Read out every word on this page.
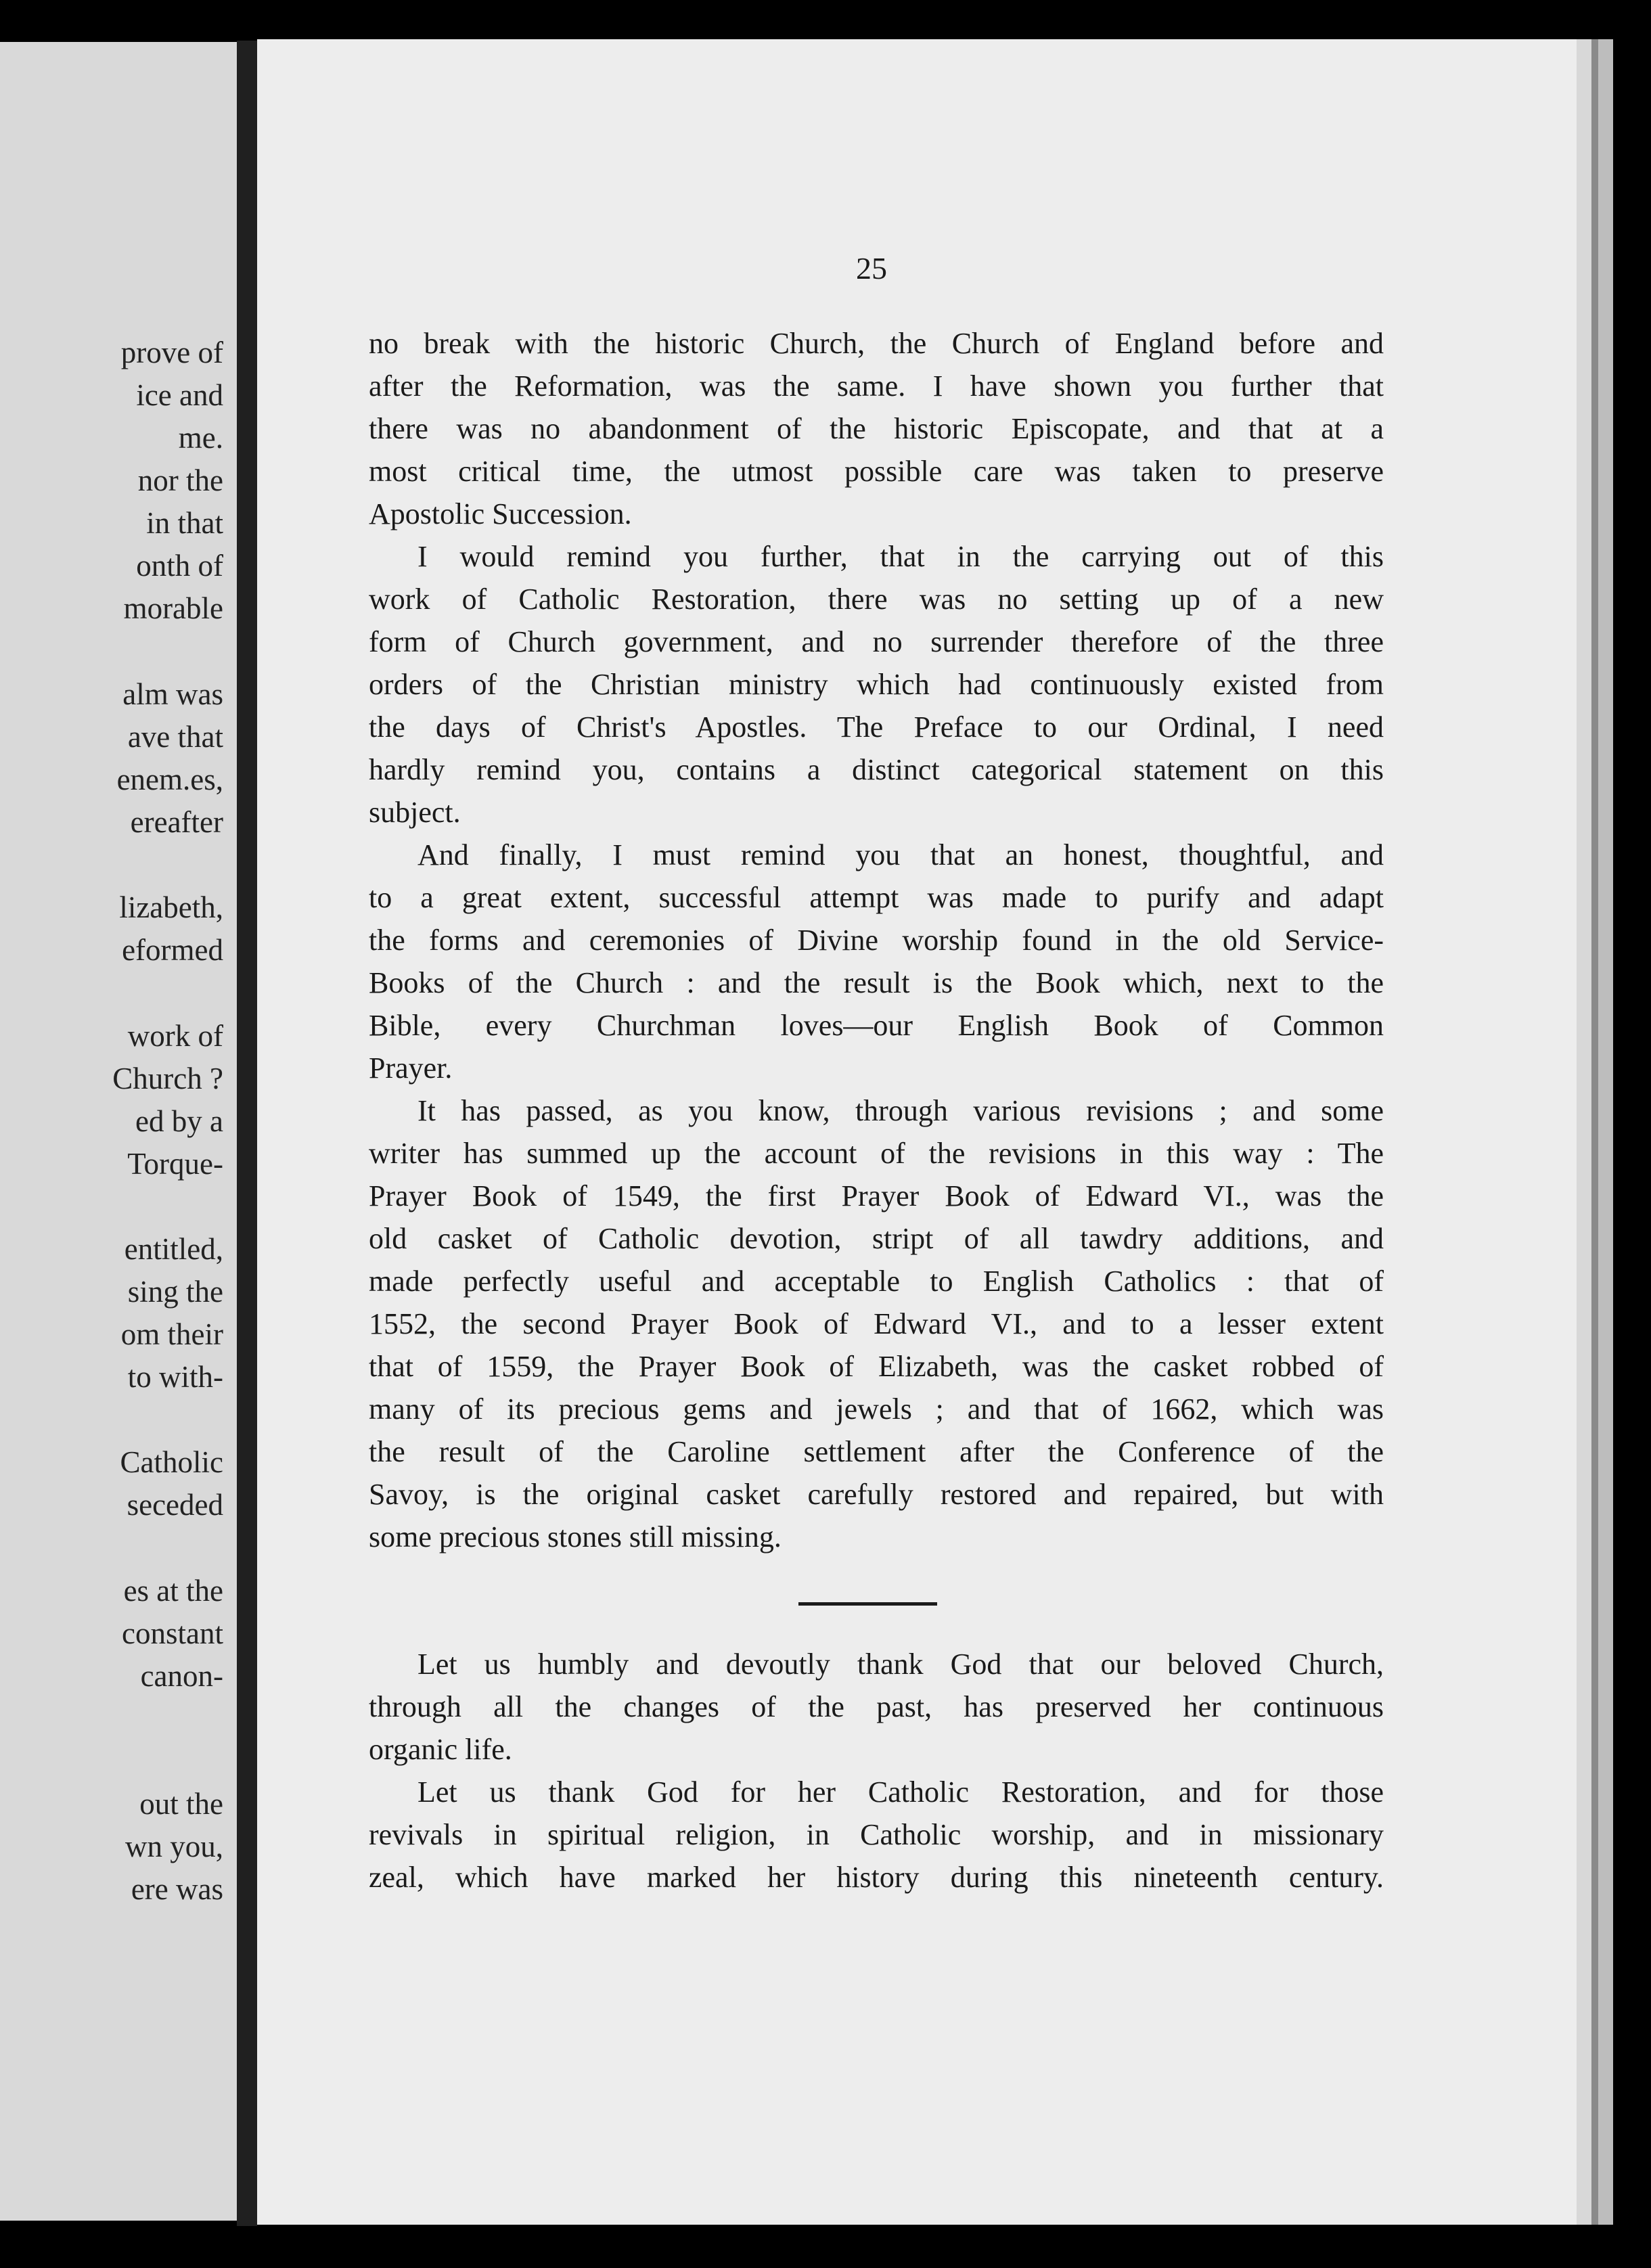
prove of
ice and
me.
nor the
in that
onth of
morable
alm was
ave that
enem.es,
ereafter
lizabeth,
eformed
work of
Church ?
ed by a
Torque-
entitled,
sing the
om their
to with-
Catholic
seceded
es at the
constant
canon-
out the
wn you,
ere was
25
no break with the historic Church, the Church of England before and
after the Reformation, was the same. I have shown you further that
there was no abandonment of the historic Episcopate, and that at a
most critical time, the utmost possible care was taken to preserve
Apostolic Succession.
I would remind you further, that in the carrying out of this
work of Catholic Restoration, there was no setting up of a new
form of Church government, and no surrender therefore of the three
orders of the Christian ministry which had continuously existed from
the days of Christ's Apostles. The Preface to our Ordinal, I need
hardly remind you, contains a distinct categorical statement on this
subject.
And finally, I must remind you that an honest, thoughtful, and
to a great extent, successful attempt was made to purify and adapt
the forms and ceremonies of Divine worship found in the old Service-
Books of the Church : and the result is the Book which, next to the
Bible, every Churchman loves—our English Book of Common
Prayer.
It has passed, as you know, through various revisions ; and some
writer has summed up the account of the revisions in this way : The
Prayer Book of 1549, the first Prayer Book of Edward VI., was the
old casket of Catholic devotion, stript of all tawdry additions, and
made perfectly useful and acceptable to English Catholics : that of
1552, the second Prayer Book of Edward VI., and to a lesser extent
that of 1559, the Prayer Book of Elizabeth, was the casket robbed of
many of its precious gems and jewels ; and that of 1662, which was
the result of the Caroline settlement after the Conference of the
Savoy, is the original casket carefully restored and repaired, but with
some precious stones still missing.
Let us humbly and devoutly thank God that our beloved Church,
through all the changes of the past, has preserved her continuous
organic life.
Let us thank God for her Catholic Restoration, and for those
revivals in spiritual religion, in Catholic worship, and in missionary
zeal, which have marked her history during this nineteenth century.
